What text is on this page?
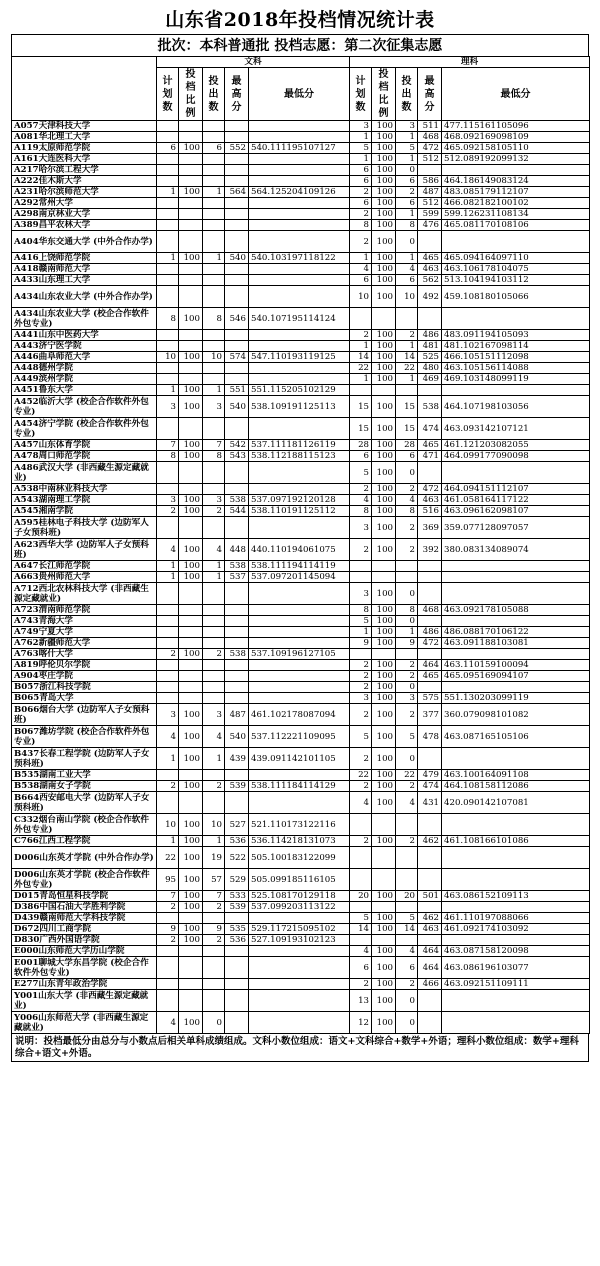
山东省2018年投档情况统计表
批次：本科普通批 投档志愿：第二次征集志愿
	文科					理科				
	计划数	投档比例	投出数	最高分	最低分	计划数	投档比例	投出数	最高分	最低分
A057天津科技大学						3	100	3	511	477.115161105096
A081华北理工大学						1	100	1	468	468.092169098109
A119太原师范学院	6	100	6	552	540.111195107127	5	100	5	472	465.092158105110
A161大连医科大学						1	100	1	512	512.089192099132
A217哈尔滨工程大学						6	100	0		
A222佳木斯大学						6	100	6	586	464.186149083124
A231哈尔滨师范大学	1	100	1	564	564.125204109126	2	100	2	487	483.085179112107
A292常州大学						6	100	6	512	466.082182100102
A298南京林业大学						2	100	1	599	599.126231108134
A389昌平农林大学						8	100	8	476	465.081170108106
A404华东交通大学 (中外合作办学)						2	100	0		
A416上饶师范学院	1	100	1	540	540.103197118122	1	100	1	465	465.094164097110
A418赣南师范大学						4	100	4	463	463.106178104075
A433山东理工大学						6	100	6	562	513.104194103112
A434山东农业大学 (中外合作办学)						10	100	10	492	459.108180105066
A434山东农业大学 (校企合作软件外包专业)	8	100	8	546	540.107195114124					
A441山东中医药大学						2	100	2	486	483.091194105093
A443济宁医学院						1	100	1	481	481.102167098114
A446曲阜师范大学	10	100	10	574	547.110193119125	14	100	14	525	466.105151112098
A448德州学院						22	100	22	480	463.105156114088
A449滨州学院						1	100	1	469	469.103148099119
A451鲁东大学	1	100	1	551	551.115205102129					
A452临沂大学 (校企合作软件外包专业)	3	100	3	540	538.109191125113	15	100	15	538	464.107198103056
A454济宁学院 (校企合作软件外包专业)						15	100	15	474	463.093142107121
A457山东体育学院	7	100	7	542	537.111181126119	28	100	28	465	461.121203082055
A478周口师范学院	8	100	8	543	538.112188115123	6	100	6	471	464.099177090098
A486武汉大学 (非西藏生源定藏就业)						5	100	0		
A538中南林业科技大学						2	100	2	472	464.094151112107
A543湖南理工学院	3	100	3	538	537.097192120128	4	100	4	463	461.058164117122
A545湘南学院	2	100	2	544	538.110191125112	8	100	8	516	463.096162098107
A595桂林电子科技大学 (边防军人子女预科班)						3	100	2	369	359.077128097057
A623西华大学 (边防军人子女预科班)	4	100	4	448	440.110194061075	2	100	2	392	380.083134089074
A647长江师范学院	1	100	1	538	538.111194114119					
A663贵州师范大学	1	100	1	537	537.097201145094					
A712西北农林科技大学 (非西藏生源定藏就业)						3	100	0		
A723渭南师范学院						8	100	8	468	463.092178105088
A743青海大学						5	100	0		
A749宁夏大学						1	100	1	486	486.088170106122
A762新疆师范大学						9	100	9	472	463.091188103081
A763喀什大学	2	100	2	538	537.109196127105					
A819呼伦贝尔学院						2	100	2	464	463.110159100094
A904枣庄学院						2	100	2	465	465.095169094107
B057浙江科技学院						2	100	0		
B065青岛大学						3	100	3	575	551.130203099119
B066烟台大学 (边防军人子女预科班)	3	100	3	487	461.102178087094	2	100	2	377	360.079098101082
B067潍坊学院 (校企合作软件外包专业)	4	100	4	540	537.112221109095	5	100	5	478	463.087165105106
B437长春工程学院 (边防军人子女预科班)	1	100	1	439	439.091142101105	2	100	0		
B535湖南工业大学						22	100	22	479	463.100164091108
B538湖南女子学院	2	100	2	539	538.111184114129	2	100	2	474	464.108158112086
B664西安邮电大学 (边防军人子女预科班)						4	100	4	431	420.090142107081
C332烟台南山学院 (校企合作软件外包专业)	10	100	10	527	521.110173122116					
C766江西工程学院	1	100	1	536	536.114218131073	2	100	2	462	461.108166101086
D006山东英才学院 (中外合作办学)	22	100	19	522	505.100183122099					
D006山东英才学院 (校企合作软件外包专业)	95	100	57	529	505.099185116105					
D015青岛恒星科技学院	7	100	7	533	525.108170129118	20	100	20	501	463.086152109113
D386中国石油大学胜利学院	2	100	2	539	537.099203113122					
D439赣南师范大学科技学院						5	100	5	462	461.110197088066
D672四川工商学院	9	100	9	535	529.117215095102	14	100	14	463	461.092174103092
D830广西外国语学院	2	100	2	536	527.109193102123					
E000山东师范大学历山学院						4	100	4	464	463.087158120098
E001聊城大学东昌学院 (校企合作软件外包专业)						6	100	6	464	463.086196103077
E277山东青年政治学院						2	100	2	466	463.092151109111
Y001山东大学 (非西藏生源定藏就业)						13	100	0		
Y006山东师范大学 (非西藏生源定藏就业)	4	100	0			12	100	0		
说明：投档最低分由总分与小数点后相关单科成绩组成。文科小数位组成：语文+文科综合+数学+外语；理科小数位组成：数学+理科综合+语文+外语。
